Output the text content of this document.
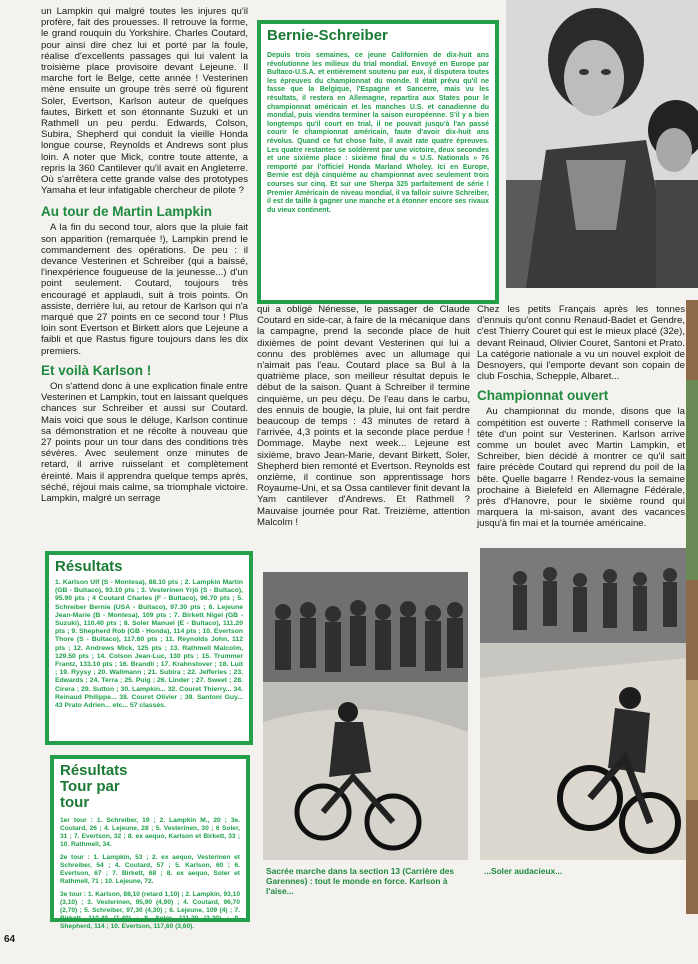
un Lampkin qui malgré toutes les injures qu'il profère, fait des prouesses. Il retrouve la forme, le grand rouquin du Yorkshire. Charles Coutard, pour ainsi dire chez lui et porté par la foule, réalise d'excellents passages qui lui valent la troisième place provisoire devant Lejeune. Il marche fort le Belge, cette année ! Vesterinen mène ensuite un groupe très serré où figurent Soler, Evertson, Karlson auteur de quelques fautes, Birkett et son étonnante Suzuki et un Rathmell un peu perdu. Edwards, Colson, Subira, Shepherd qui conduit la vieille Honda longue course, Reynolds et Andrews sont plus loin. A noter que Mick, contre toute attente, a repris la 360 Cantilever qu'il avait en Angleterre. Où s'arrêtera cette grande valse des prototypes Yamaha et leur infatigable chercheur de pilote ?

Au tour de Martin Lampkin

A la fin du second tour, alors que la pluie fait son apparition (remarquée !), Lampkin prend le commandement des opérations. De peu : il devance Vesterinen et Schreiber (qui a baissé, l'inexpérience fougueuse de la jeunesse...) d'un point seulement. Coutard, toujours très encouragé et applaudi, suit à trois points. On assiste, derrière lui, au retour de Karlson qui n'a marqué que 27 points en ce second tour ! Plus loin sont Evertson et Birkett alors que Lejeune a faibli et que Rastus figure toujours dans les dix premiers.

Et voilà Karlson !

On s'attend donc à une explication finale entre Vesterinen et Lampkin, tout en laissant quelques chances sur Schreiber et aussi sur Coutard. Mais voici que sous le déluge, Karlson continue sa démonstration et ne récolte à nouveau que 27 points pour un tour dans des conditions très sévères. Avec seulement onze minutes de retard, il arrive ruisselant et complètement éreinté. Mais il apprendra quelque temps après, séché, réjoui mais calme, sa triomphale victoire. Lampkin, malgré un serrage

Bernie-Schreiber
Depuis trois semaines, ce jeune Californien de dix-huit ans révolutionne les milieux du trial mondial. Envoyé en Europe par Bultaco-U.S.A. et entièrement soutenu par eux, il disputera toutes les épreuves du championnat du monde. Il était prévu qu'il ne fasse que la Belgique, l'Espagne et Sancerre, mais vu les résultats, il restera en Allemagne, repartira aux States pour le championnat américain et les manches U.S. et canadienne du mondial, puis viendra terminer la saison européenne. S'il y a bien longtemps qu'il court en trial, il ne pouvait jusqu'à l'an passé courir le championnat américain, faute d'avoir dix-huit ans révolus. Quand ce fut chose faite, il avait rate quatre épreuves. Les quatre restantes se soldèrent par une victoire, deux secondes et une sixième place : sixième final du « U.S. Nationals » 76 remporté par l'officiel Honda Marland Wholey. Ici en Europe, Bernie est déjà cinquième au championnat avec seulement trois courses sur cinq. Et sur une Sherpa 325 parfaitement de série ! Premier Américain de niveau mondial, il va falloir suivre Schreiber, il est de taille à gagner une manche et à étonner encore ses rivaux du vieux continent.

qui a obligé Nénesse, le passager de Claude Coutard en side-car, à faire de la mécanique dans la campagne, prend la seconde place de huit dixièmes de point devant Vesterinen qui lui a connu des problèmes avec un allumage qui n'aimait pas l'eau. Coutard place sa Bul à la quatrième place, son meilleur résultat depuis le début de la saison. Quant à Schreiber il termine cinquième, un peu déçu. De l'eau dans le carbu, des ennuis de bougie, la pluie, lui ont fait perdre beaucoup de temps : 43 minutes de retard à l'arrivée, 4,3 points et la seconde place perdue ! Dommage. Maybe next week... Lejeune est sixième, bravo Jean-Marie, devant Birkett, Soler, Shepherd bien remonté et Evertson. Reynolds est onzième, il continue son apprentissage hors Royaume-Uni, et sa Ossa cantilever finit devant la Yam cantilever d'Andrews. Et Rathmell ? Mauvaise journée pour Rat. Treizième, attention Malcolm !

Chez les petits Français après les tonnes d'ennuis qu'ont connu Renaud-Badet et Gendre, c'est Thierry Couret qui est le mieux placé (32e), devant Reinaud, Olivier Couret, Santoni et Prato. La catégorie nationale a vu un nouvel exploit de Desnoyers, qui l'emporte devant son copain de club Foschia, Schepple, Albaret...

Championnat ouvert

Au championnat du monde, disons que la compétition est ouverte : Rathmell conserve la tête d'un point sur Vesterinen. Karlson arrive comme un boulet avec Martin Lampkin, et Schreiber, bien décidé à montrer ce qu'il sait faire précède Coutard qui reprend du poil de la bête. Quelle bagarre ! Rendez-vous la semaine prochaine à Bielefeld en Allemagne Fédérale, près d'Hanovre, pour le sixième round qui marquera la mi-saison, avant des vacances jusqu'à fin mai et la tournée américaine.

Résultats
1. Karlson Ulf (S - Montesa), 88.10 pts ; 2. Lampkin Martin (GB - Bultaco), 93.10 pts ; 3. Vesterinen Yrjö (S - Bultaco), 95.90 pts ; 4 Coutard Charles (F - Bultaco), 96.70 pts ; 5. Schreiber Bernie (USA - Bultaco), 97.30 pts ; 6. Lejeune Jean-Marie (B - Montesa), 109 pts ; 7. Birkett Nigel (GB - Suzuki), 110.40 pts ; 8. Soler Manuel (E - Bultaco), 111.20 pts ; 9. Shepherd Rob (GB - Honda), 114 pts ; 10. Evertson Thore (S - Bultaco), 117.60 pts ; 11. Reynolds John, 112 pts ; 12. Andrews Mick, 125 pts ; 13. Rathmell Malcolm, 129.50 pts ; 14. Colson Jean-Luc, 130 pts ; 15. Trummer Frantz, 133.10 pts ; 16. Brandli ; 17. Krahnstover ; 18. Luit ; 19. Ryysy ; 20. Wallmann ; 21. Subira ; 22. Jefferies ; 23. Edwards ; 24. Terra ; 25. Puig ; 26. Linder ; 27. Sweet ; 28. Cirera ; 29. Sutton ; 30. Lampkin... 32. Couret Thierry... 34. Reinaud Philippe... 38. Couret Olivier ; 39. Santoni Guy... 43 Prato Adrien... etc... 57 classés.
Résultats Tour par tour

1er tour : 1. Schreiber, 19 ; 2. Lampkin M., 20 ; 3e. Coutard, 26 ; 4. Lejeune, 28 ; 5. Vesterinen, 30 ; 6 Soler, 31 ; 7. Evertson, 32 ; 8. ex aequo, Karlson et Birkett, 33 ; 10. Rathmell, 34.

2e tour : 1. Lampkin, 53 ; 2. ex aequo, Vesterinen et Schreiber, 54 ; 4. Coutard, 57 ; 5. Karlson, 60 ; 6. Evertson, 67 ; 7. Birkett, 68 ; 8. ex aequo, Soler et Rathmell, 71 ; 10. Lejeune, 72.

3e tour : 1. Karlson, 88,10 (retard 1,10) ; 2. Lampkin, 93,10 (3,10) ; 3. Vesterinen, 95,90 (4,90) ; 4. Coutard, 96,70 (2,70) ; 5. Schreiber, 97,30 (4,30) ; 6. Lejeune, 109 (4) ; 7. Birkett, 110,40 (1,40) ; 8. Soler, 111,20 (3,20) ; 9. Shepherd, 114 ; 10. Evertson, 117,60 (3,60).

Sacrée marche dans la section 13 (Carrière des Garennes) : tout le monde en force. Karlson à l'aise...
...Soler audacieux...
64
